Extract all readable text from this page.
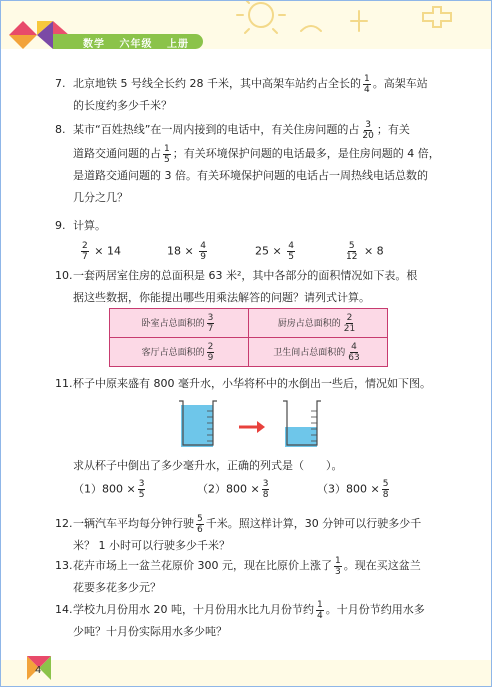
数学 六年级 上册
7. 北京地铁 5 号线全长约 28 千米，其中高架车站约占全长的 $\frac{1}{4}$ 。高架车站
的长度约多少千米？
8. 某市“百姓热线”在一周内接到的电话中，有关住房问题的占 $\frac{3}{20}$ ；有关
道路交通问题的占 $\frac{1}{5}$ ；有关环境保护问题的电话最多，是住房问题的 4 倍，
是道路交通问题的 3 倍。有关环境保护问题的电话占一周热线电话总数的
几分之几？
9. 计算。
$\frac{2}{7} \times 14$	$18 \times \frac{4}{9}$	$25 \times \frac{4}{5}$	$\frac{5}{12} \times 8$
10. 一套两居室住房的总面积是 63 米²，其中各部分的面积情况如下表。根
据这些数据，你能提出哪些用乘法解答的问题？请列式计算。
卧室占总面积的 $\frac{3}{7}$	厨房占总面积的 $\frac{2}{21}$

客厅占总面积的 $\frac{2}{9}$	卫生间占总面积的 $\frac{4}{63}$
11. 杯子中原来盛有 800 毫升水，小华将杯中的水倒出一些后，情况如下图。
求从杯子中倒出了多少毫升水，正确的列式是（　　）。
$(1)800 \times \frac{3}{5}$	$(2)800 \times \frac{3}{8}$	$(3)800 \times \frac{5}{8}$
12. 一辆汽车平均每分钟行驶 $\frac{5}{6}$ 千米。照这样计算，30 分钟可以行驶多少千
米？ 1 小时可以行驶多少千米？
13. 花卉市场上一盆兰花原价 300 元，现在比原价上涨了 $\frac{1}{3}$ 。现在买这盆兰
花要多花多少元？
14. 学校九月份用水 20 吨，十月份用水比九月份节约 $\frac{1}{4}$ 。十月份节约用水多
少吨？十月份实际用水多少吨？
4
